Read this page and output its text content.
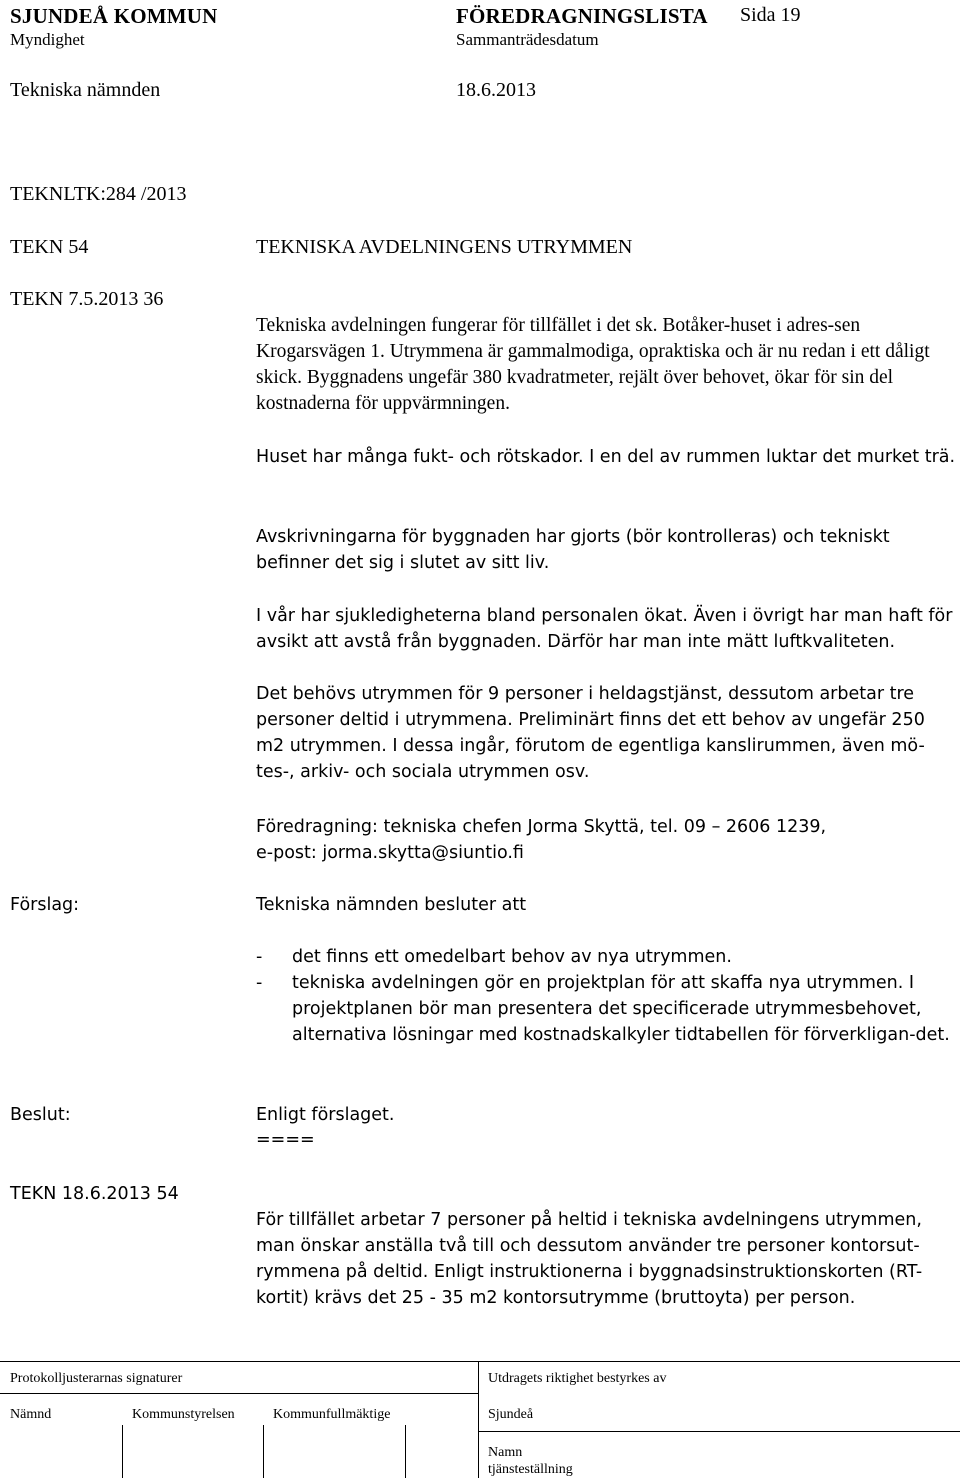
SJUNDEÅ KOMMUN	FÖREDRAGNINGSLISTA Sida 19
Myndighet	Sammanträdesdatum
Tekniska nämnden	18.6.2013
TEKNLTK:284 /2013
TEKN 54	TEKNISKA AVDELNINGENS UTRYMMEN
TEKN 7.5.2013 36

Tekniska avdelningen fungerar för tillfället i det sk. Botåker-huset i adres-sen Krogarsvägen 1. Utrymmena är gammalmodiga, opraktiska och är nu redan i ett dåligt skick. Byggnadens ungefär 380 kvadratmeter, rejält över behovet, ökar för sin del kostnaderna för uppvärmningen.

Huset har många fukt- och rötskador. I en del av rummen luktar det murket trä.

Avskrivningarna för byggnaden har gjorts (bör kontrolleras) och tekniskt befinner det sig i slutet av sitt liv.

I vår har sjukledigheterna bland personalen ökat. Även i övrigt har man haft för avsikt att avstå från byggnaden. Därför har man inte mätt luftkvaliteten.

Det behövs utrymmen för 9 personer i heldagstjänst, dessutom arbetar tre personer deltid i utrymmena. Preliminärt finns det ett behov av ungefär 250 m2 utrymmen. I dessa ingår, förutom de egentliga kanslirummen, även mö-tes-, arkiv- och sociala utrymmen osv.

Föredragning: tekniska chefen Jorma Skyttä, tel. 09 – 2606 1239,
e-post: jorma.skytta@siuntio.fi
Förslag:	Tekniska nämnden besluter att
- det finns ett omedelbart behov av nya utrymmen.
- tekniska avdelningen gör en projektplan för att skaffa nya utrymmen. I projektplanen bör man presentera det specificerade utrymmesbehovet, alternativa lösningar med kostnadskalkyler tidtabellen för förverkligan-det.
Beslut:	Enligt förslaget.
====
TEKN 18.6.2013 54

För tillfället arbetar 7 personer på heltid i tekniska avdelningens utrymmen, man önskar anställa två till och dessutom använder tre personer kontorsut-rymmena på deltid. Enligt instruktionerna i byggnadsinstruktionskorten (RT-kortit) krävs det 25 - 35 m2 kontorsutrymme (bruttoyta) per person.

Protokolljusterarnas signaturer	Utdragets riktighet bestyrkes av
Nämnd	Kommunstyrelsen	Kommunfullmäktige	Sjundeå
Namn
tjänsteställning
